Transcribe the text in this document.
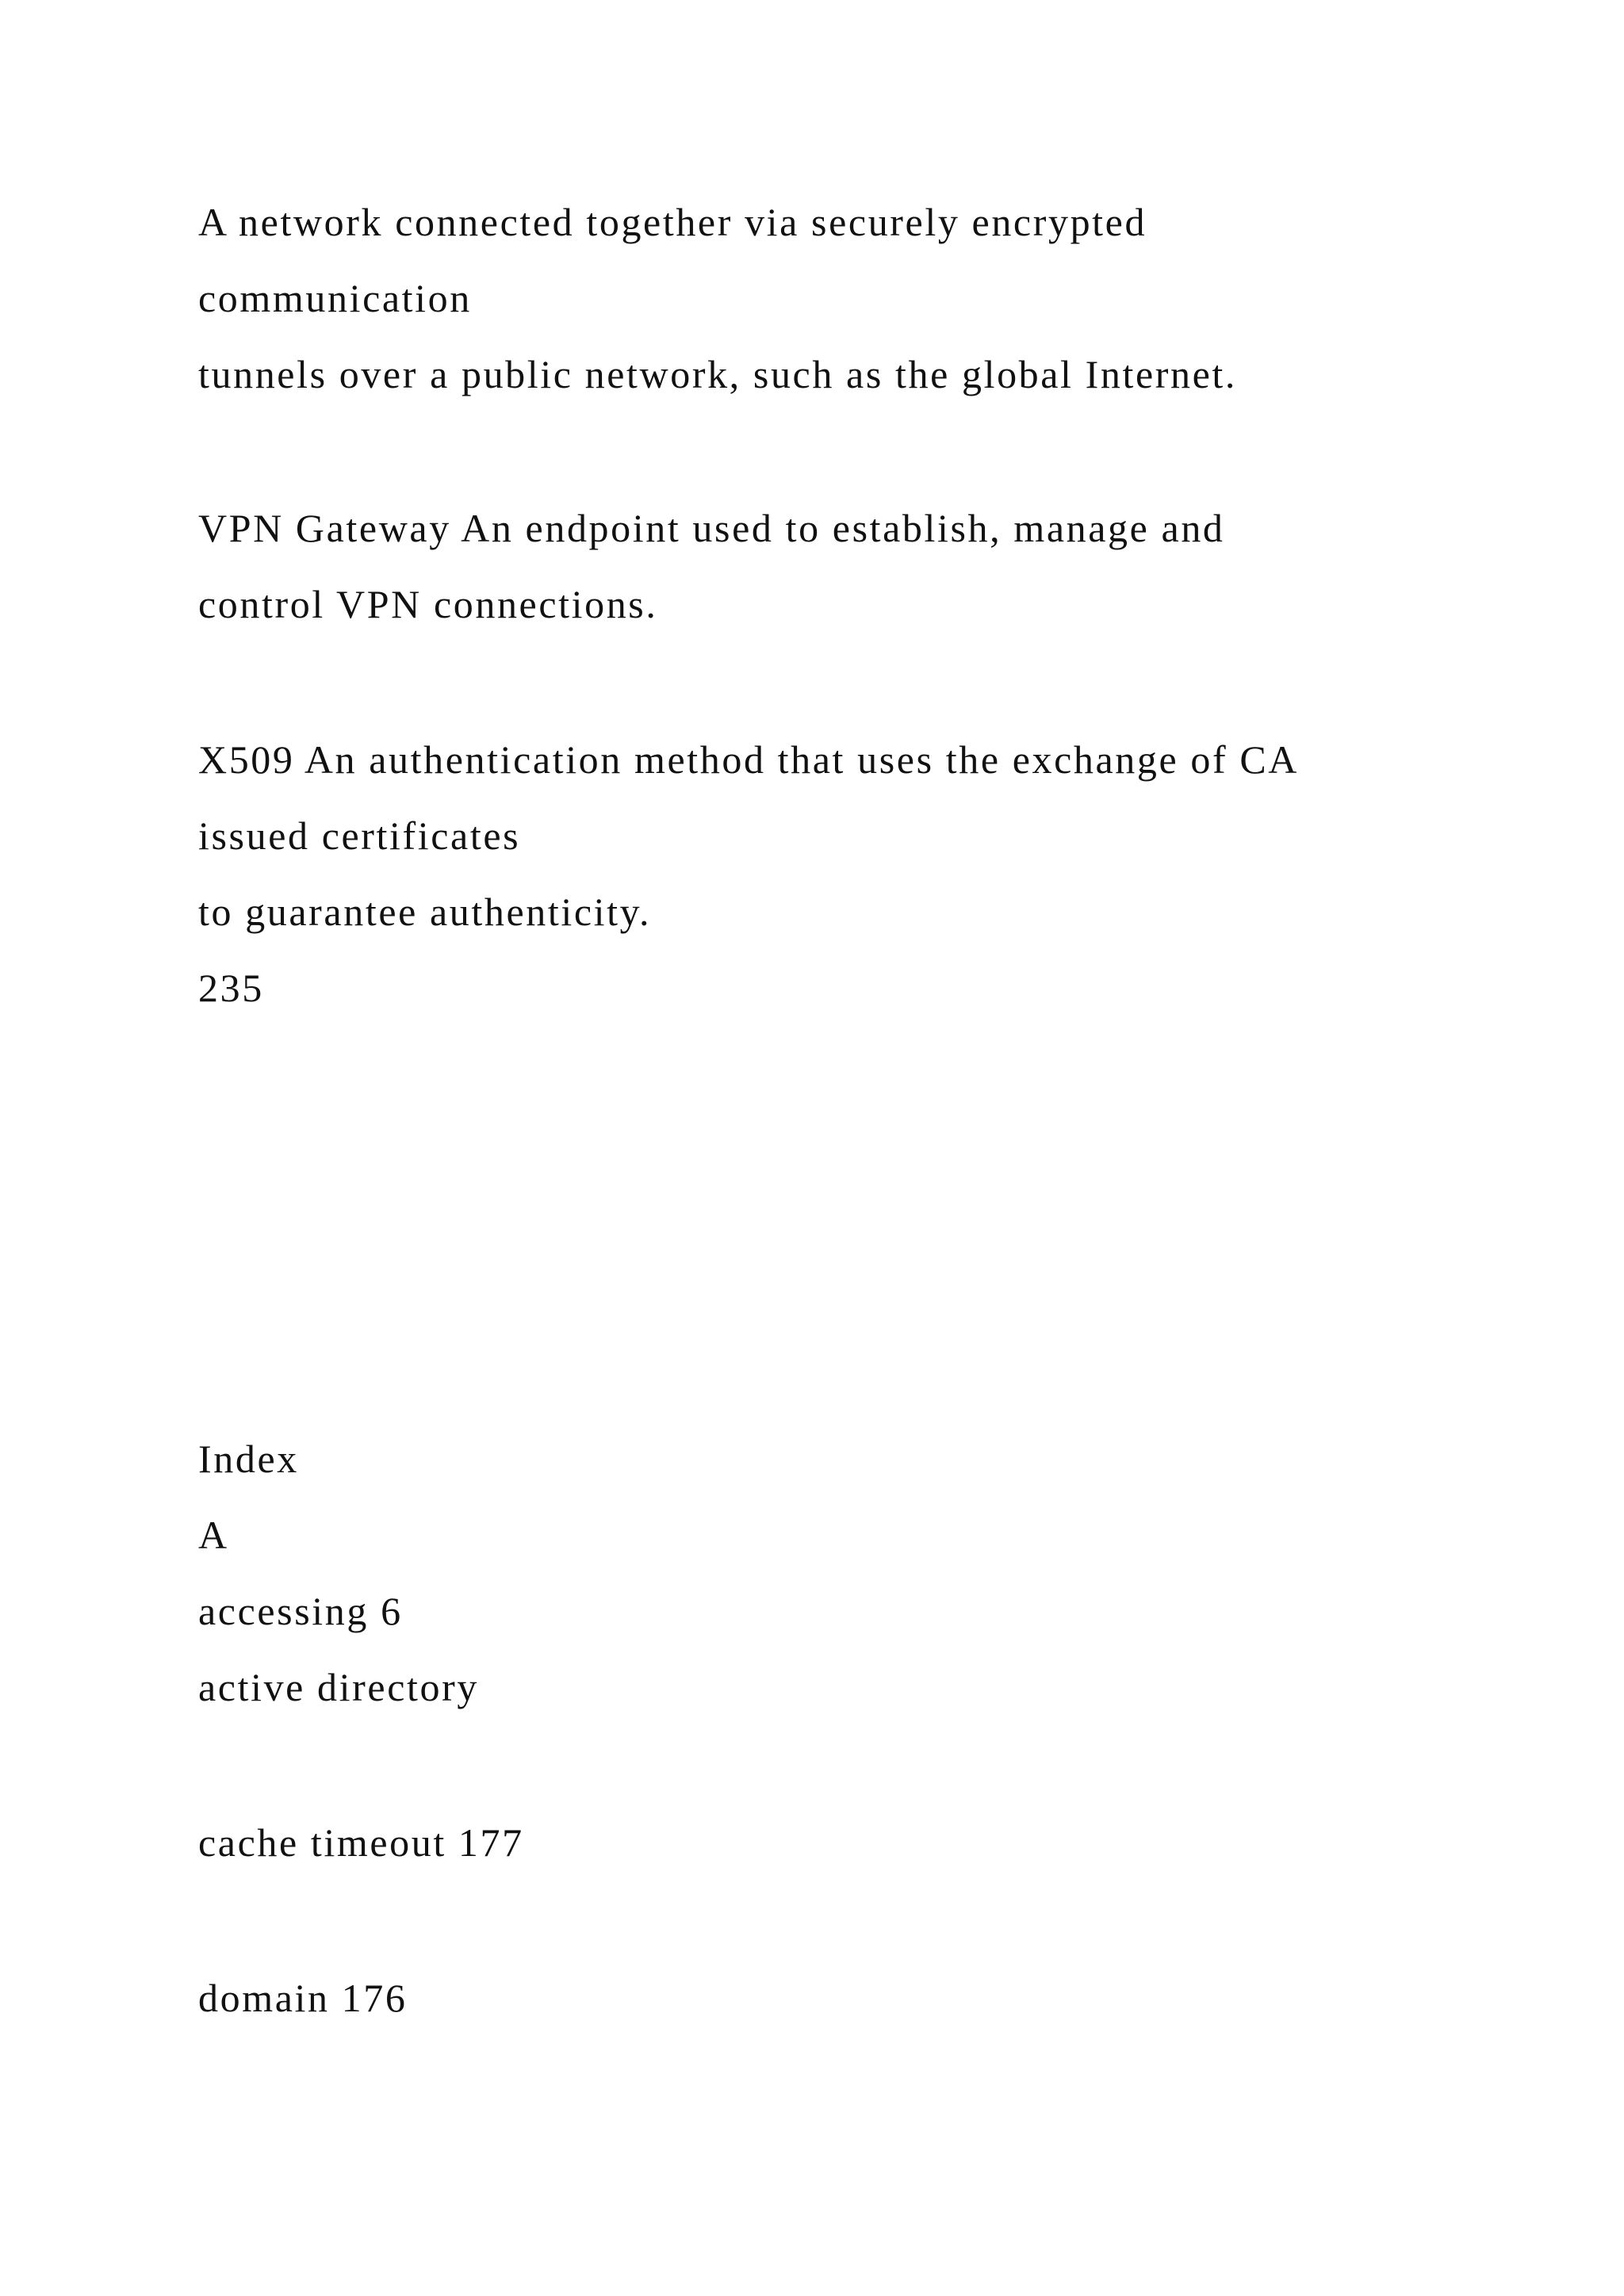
A network connected together via securely encrypted
communication
tunnels over a public network, such as the global Internet.
VPN Gateway An endpoint used to establish, manage and
control VPN connections.
X509 An authentication method that uses the exchange of CA
issued certificates
to guarantee authenticity.
235
Index
A
accessing 6
active directory
cache timeout 177
domain 176
